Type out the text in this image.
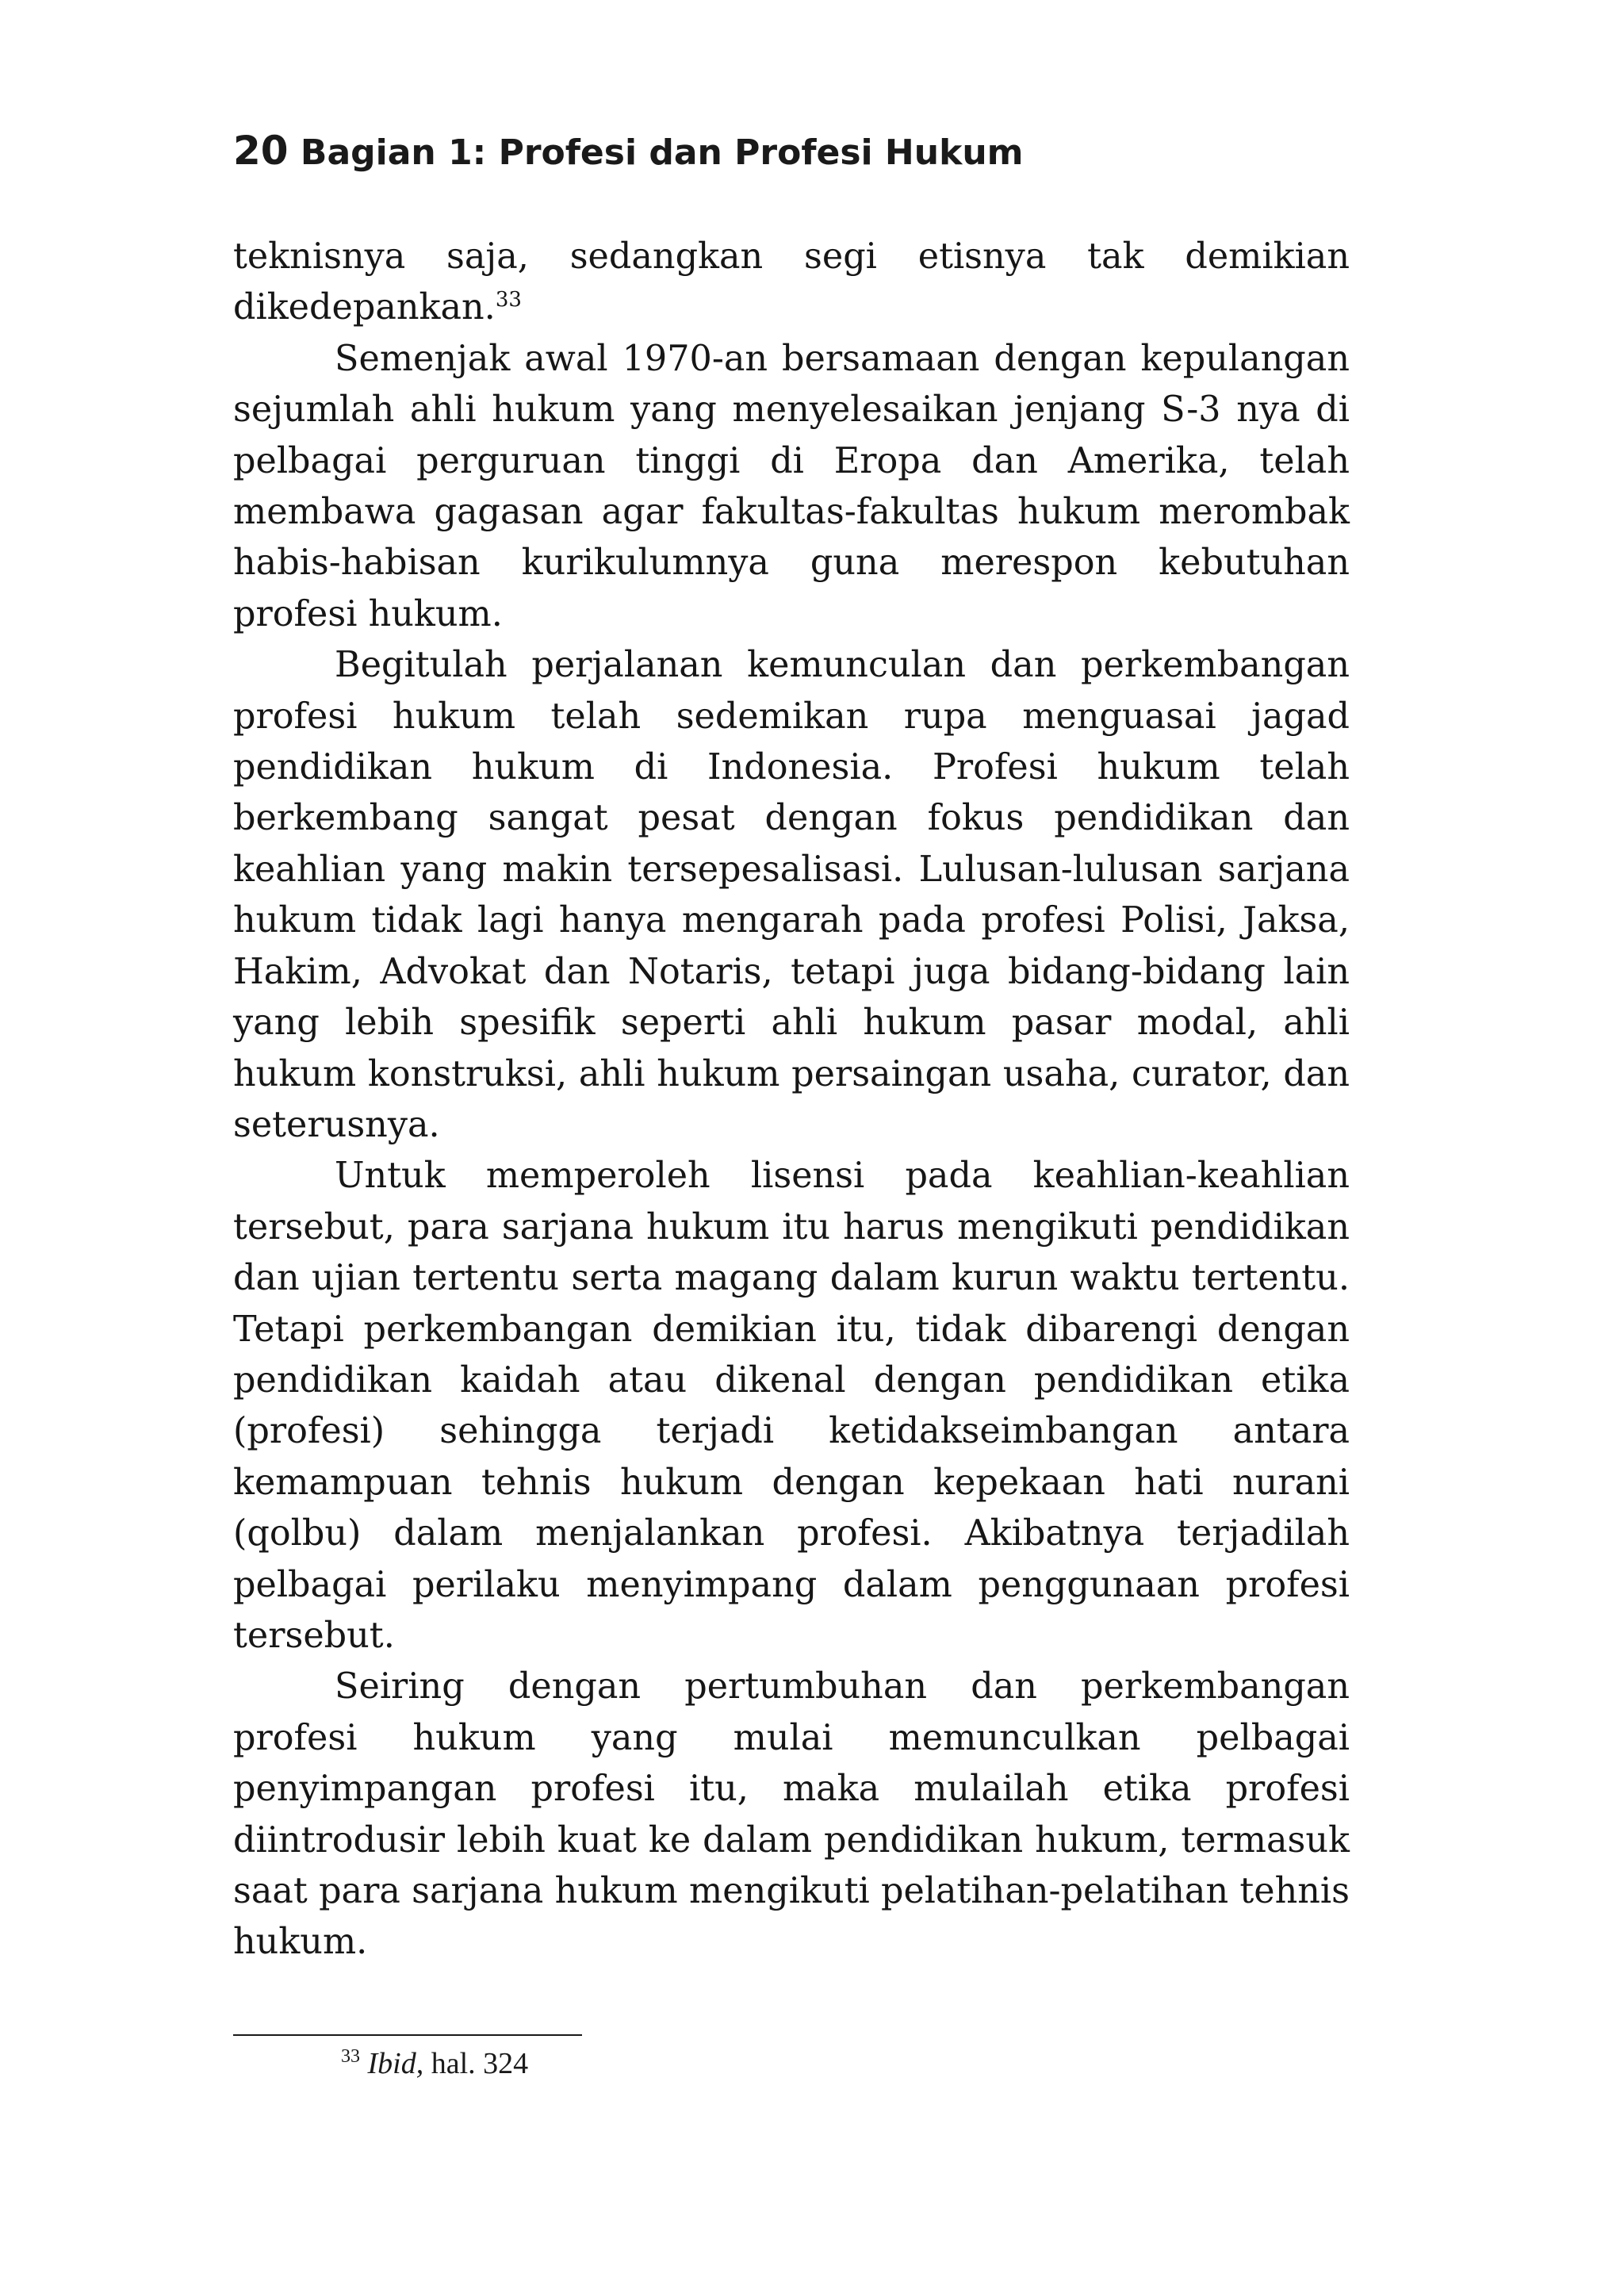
20 Bagian 1: Profesi dan Profesi Hukum

teknisnya saja, sedangkan segi etisnya tak demikian dikedepankan.$^{33}$

Semenjak awal 1970-an bersamaan dengan kepulangan sejumlah ahli hukum yang menyelesaikan jenjang S-3 nya di pelbagai perguruan tinggi di Eropa dan Amerika, telah membawa gagasan agar fakultas-fakultas hukum merombak habis-habisan kurikulumnya guna merespon kebutuhan profesi hukum.

Begitulah perjalanan kemunculan dan perkembangan profesi hukum telah sedemikan rupa menguasai jagad pendidikan hukum di Indonesia. Profesi hukum telah berkembang sangat pesat dengan fokus pendidikan dan keahlian yang makin tersepesalisasi. Lulusan-lulusan sarjana hukum tidak lagi hanya mengarah pada profesi Polisi, Jaksa, Hakim, Advokat dan Notaris, tetapi juga bidang-bidang lain yang lebih spesifik seperti ahli hukum pasar modal, ahli hukum konstruksi, ahli hukum persaingan usaha, curator, dan seterusnya.

Untuk memperoleh lisensi pada keahlian-keahlian tersebut, para sarjana hukum itu harus mengikuti pendidikan dan ujian tertentu serta magang dalam kurun waktu tertentu. Tetapi perkembangan demikian itu, tidak dibarengi dengan pendidikan kaidah atau dikenal dengan pendidikan etika (profesi) sehingga terjadi ketidakseimbangan antara kemampuan tehnis hukum dengan kepekaan hati nurani (qolbu) dalam menjalankan profesi. Akibatnya terjadilah pelbagai perilaku menyimpang dalam penggunaan profesi tersebut.

Seiring dengan pertumbuhan dan perkembangan profesi hukum yang mulai memunculkan pelbagai penyimpangan profesi itu, maka mulailah etika profesi diintrodusir lebih kuat ke dalam pendidikan hukum, termasuk saat para sarjana hukum mengikuti pelatihan-pelatihan tehnis hukum.

$^{33}$ Ibid, hal. 324
